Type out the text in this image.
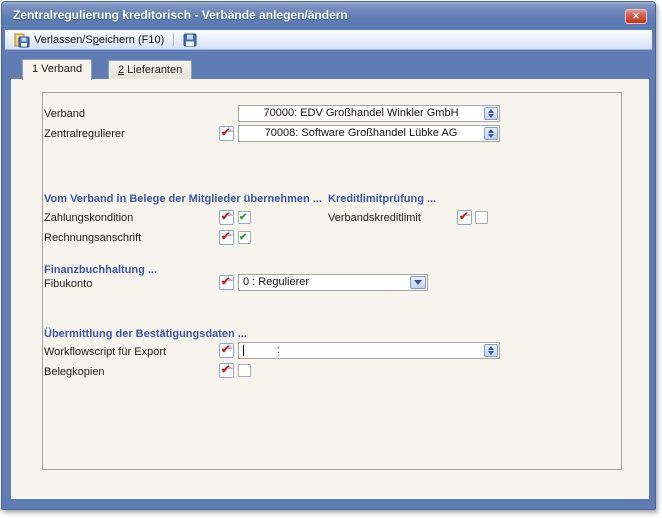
Zentralregulierung kreditorisch - Verbände anlegen/ändern	✕
Verlassen/Speichern (F10)
1 Verband	2 Lieferanten
Verband	70000: EDV Großhandel Winkler GmbH
Zentralregulierer	✔	70008: Software Großhandel Lübke AG
Vom Verband in Belege der Mitglieder übernehmen ... Kreditlimitprüfung ...
Zahlungskondition	✔ ✔	Verbandskreditlimit	✔
Rechnungsanschrift	✔ ✔
Finanzbuchhaltung ...
Fibukonto	✔ 0 : Regulierer
Übermittlung der Bestätigungsdaten ...
Workflowscript für Export	✔	:
Belegkopien	✔
